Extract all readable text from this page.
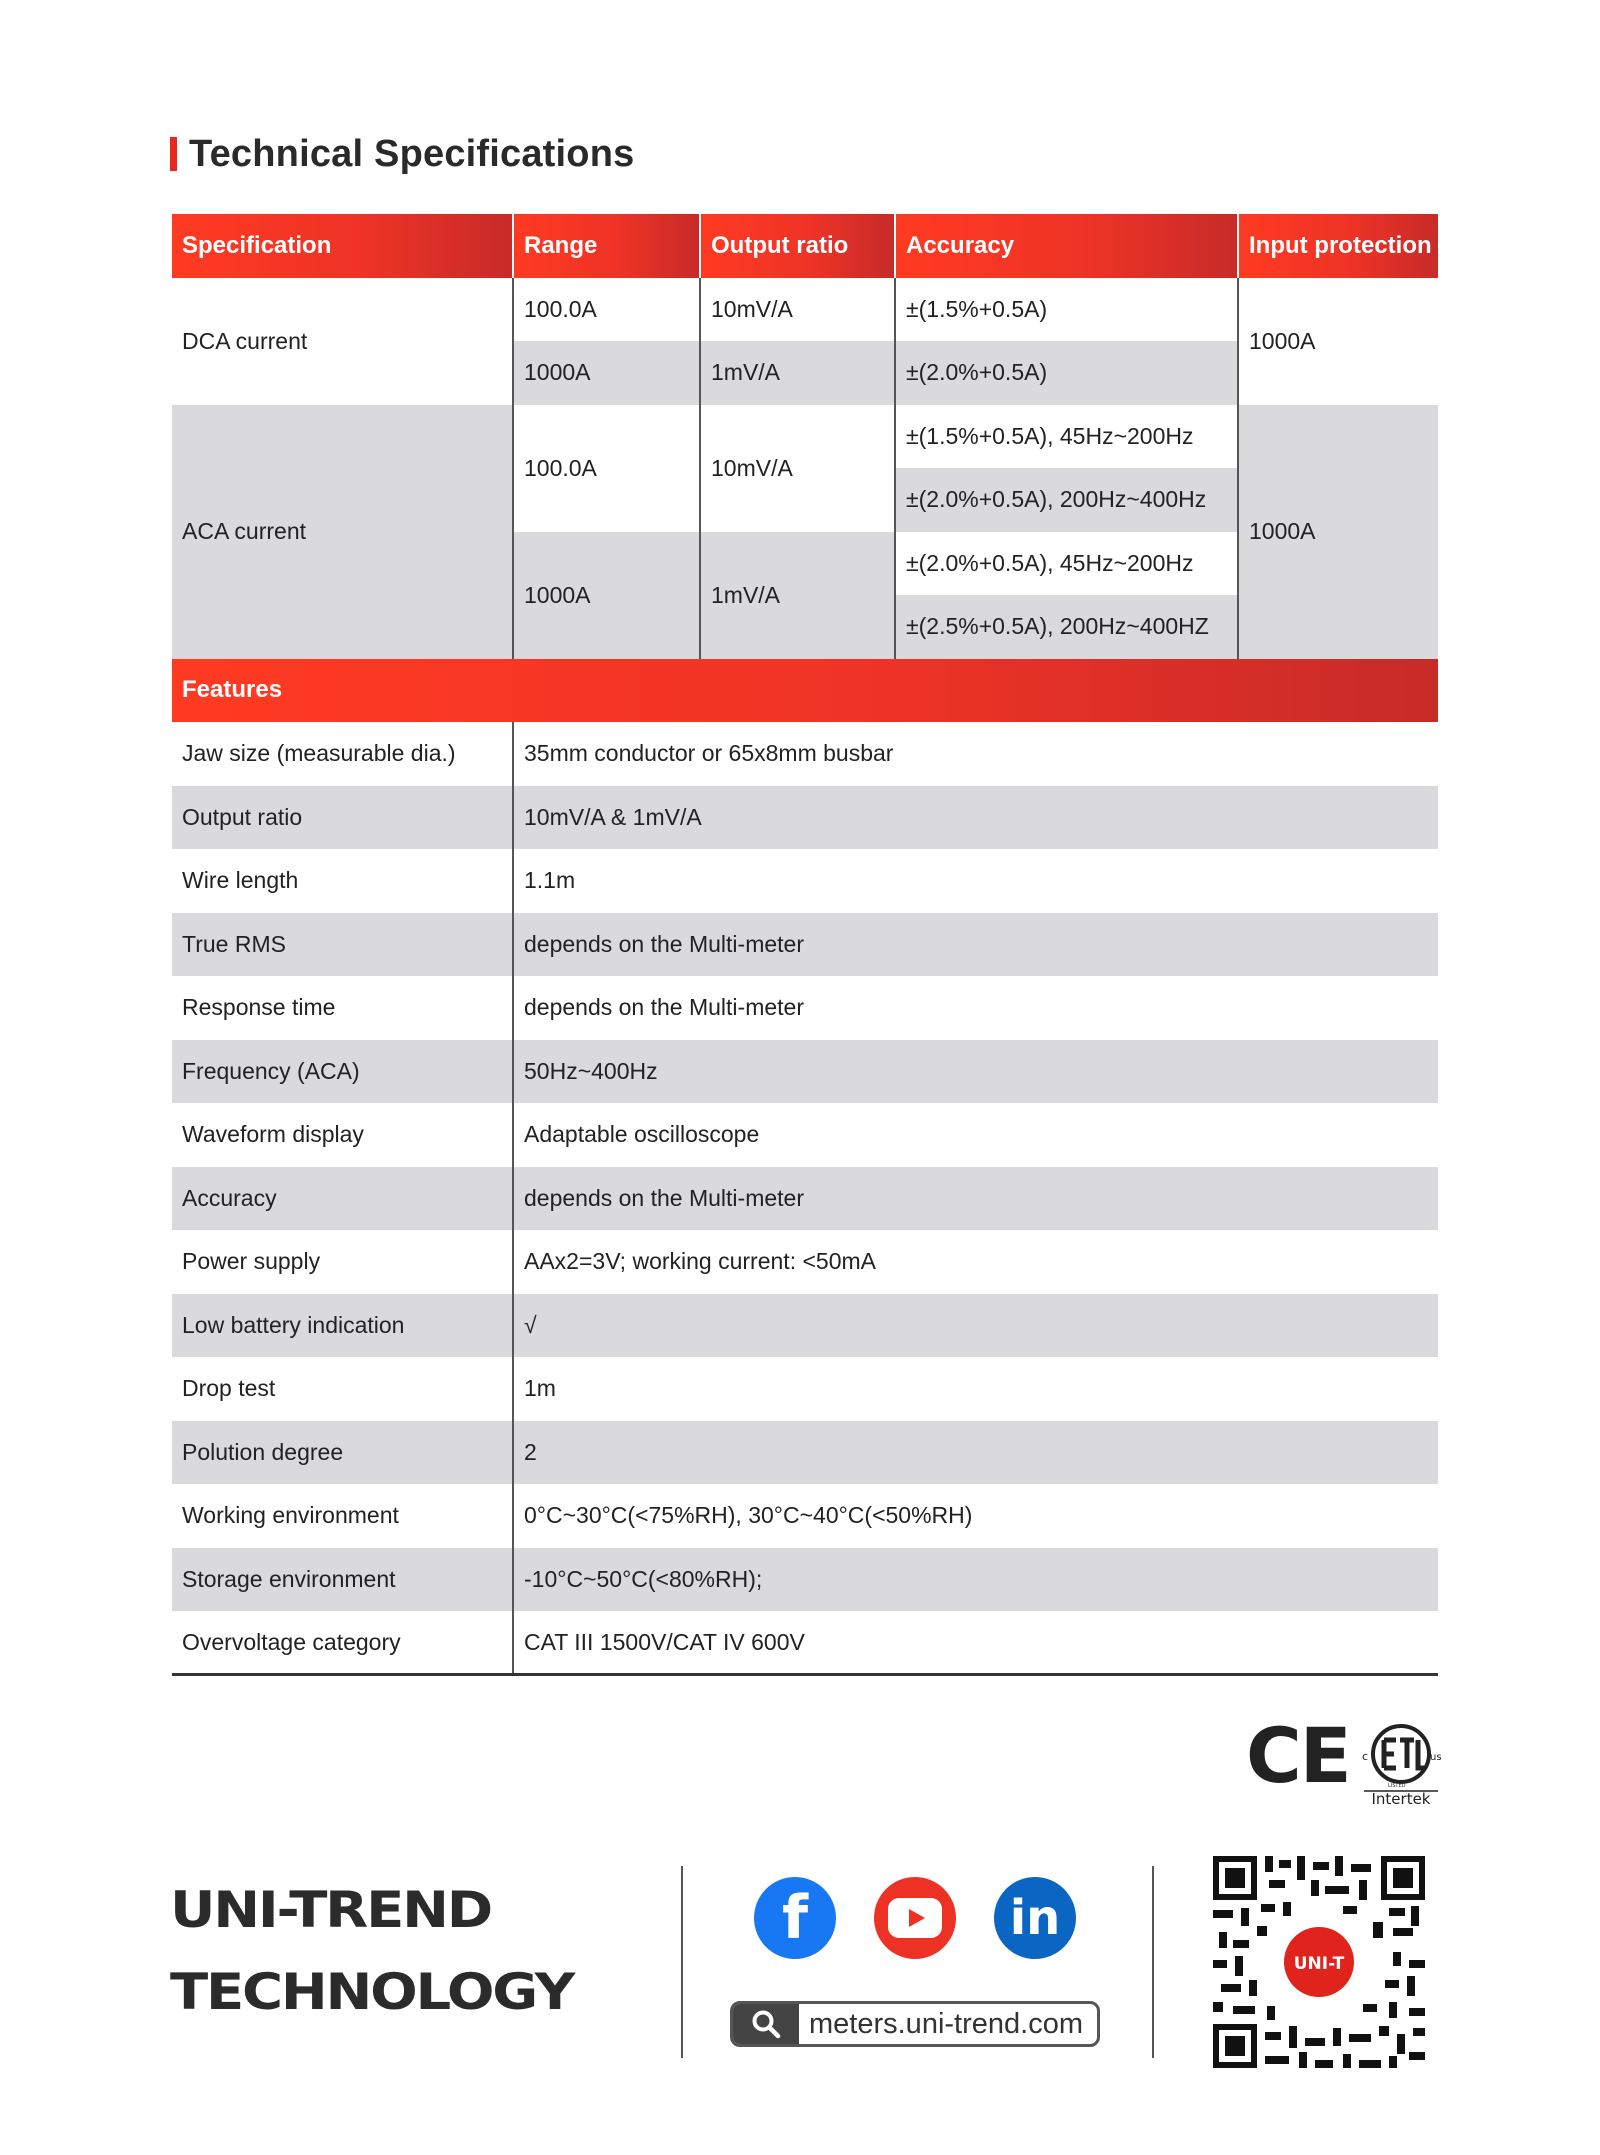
Technical Specifications
Specification	Range	Output ratio	Accuracy	Input protection
DCA current	100.0A	10mV/A	±(1.5%+0.5A)	1000A
	1000A	1mV/A	±(2.0%+0.5A)	
ACA current	100.0A	10mV/A	±(1.5%+0.5A), 45Hz~200Hz	1000A
			±(2.0%+0.5A), 200Hz~400Hz	
	1000A	1mV/A	±(2.0%+0.5A), 45Hz~200Hz	
			±(2.5%+0.5A), 200Hz~400HZ	
Features				
Jaw size (measurable dia.)	35mm conductor or 65x8mm busbar			
Output ratio	10mV/A & 1mV/A			
Wire length	1.1m			
True RMS	depends on the Multi-meter			
Response time	depends on the Multi-meter			
Frequency (ACA)	50Hz~400Hz			
Waveform display	Adaptable oscilloscope			
Accuracy	depends on the Multi-meter			
Power supply	AAx2=3V; working current: <50mA			
Low battery indication	√			
Drop test	1m			
Polution degree	2			
Working environment	0°C~30°C(<75%RH), 30°C~40°C(<50%RH)			
Storage environment	-10°C~50°C(<80%RH);			
Overvoltage category	CAT III 1500V/CAT IV 600V			
CE c	us
LISTED
Intertek
UNI-TREND
TECHNOLOGY
f	in
meters.uni-trend.com
UNI-T
